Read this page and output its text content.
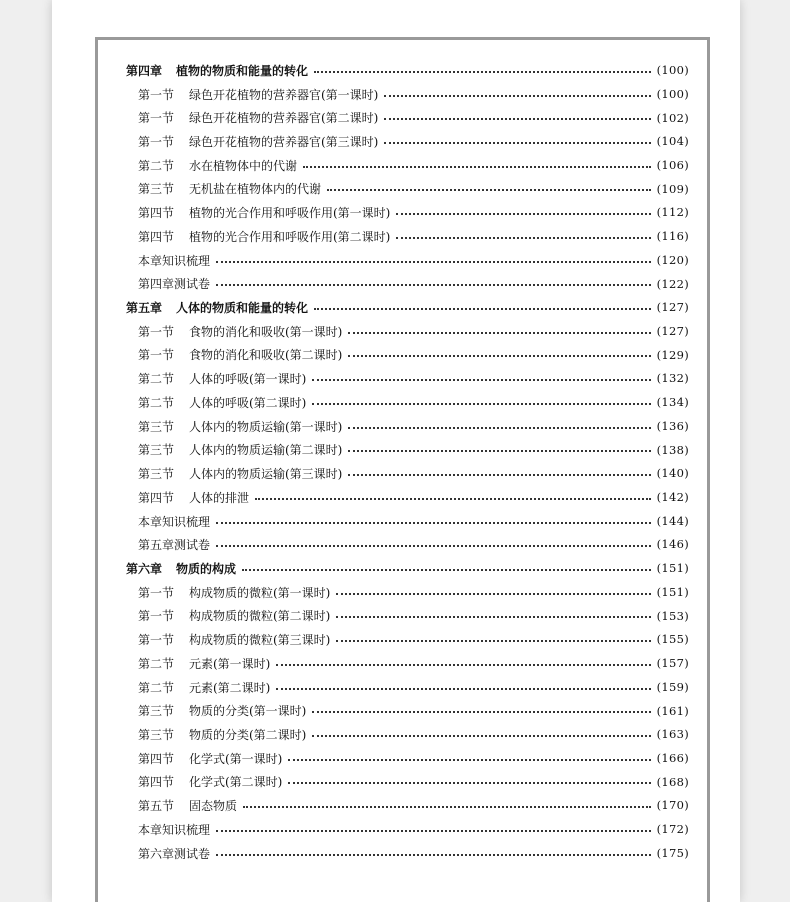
第四章	植物的物质和能量的转化	(100)
第一节	绿色开花植物的营养器官(第一课时)	(100)
第一节	绿色开花植物的营养器官(第二课时)	(102)
第一节	绿色开花植物的营养器官(第三课时)	(104)
第二节	水在植物体中的代谢	(106)
第三节	无机盐在植物体内的代谢	(109)
第四节	植物的光合作用和呼吸作用(第一课时)	(112)
第四节	植物的光合作用和呼吸作用(第二课时)	(116)
本章知识梳理	(120)
第四章测试卷	(122)
第五章	人体的物质和能量的转化	(127)
第一节	食物的消化和吸收(第一课时)	(127)
第一节	食物的消化和吸收(第二课时)	(129)
第二节	人体的呼吸(第一课时)	(132)
第二节	人体的呼吸(第二课时)	(134)
第三节	人体内的物质运输(第一课时)	(136)
第三节	人体内的物质运输(第二课时)	(138)
第三节	人体内的物质运输(第三课时)	(140)
第四节	人体的排泄	(142)
本章知识梳理	(144)
第五章测试卷	(146)
第六章	物质的构成	(151)
第一节	构成物质的微粒(第一课时)	(151)
第一节	构成物质的微粒(第二课时)	(153)
第一节	构成物质的微粒(第三课时)	(155)
第二节	元素(第一课时)	(157)
第二节	元素(第二课时)	(159)
第三节	物质的分类(第一课时)	(161)
第三节	物质的分类(第二课时)	(163)
第四节	化学式(第一课时)	(166)
第四节	化学式(第二课时)	(168)
第五节	固态物质	(170)
本章知识梳理	(172)
第六章测试卷	(175)
